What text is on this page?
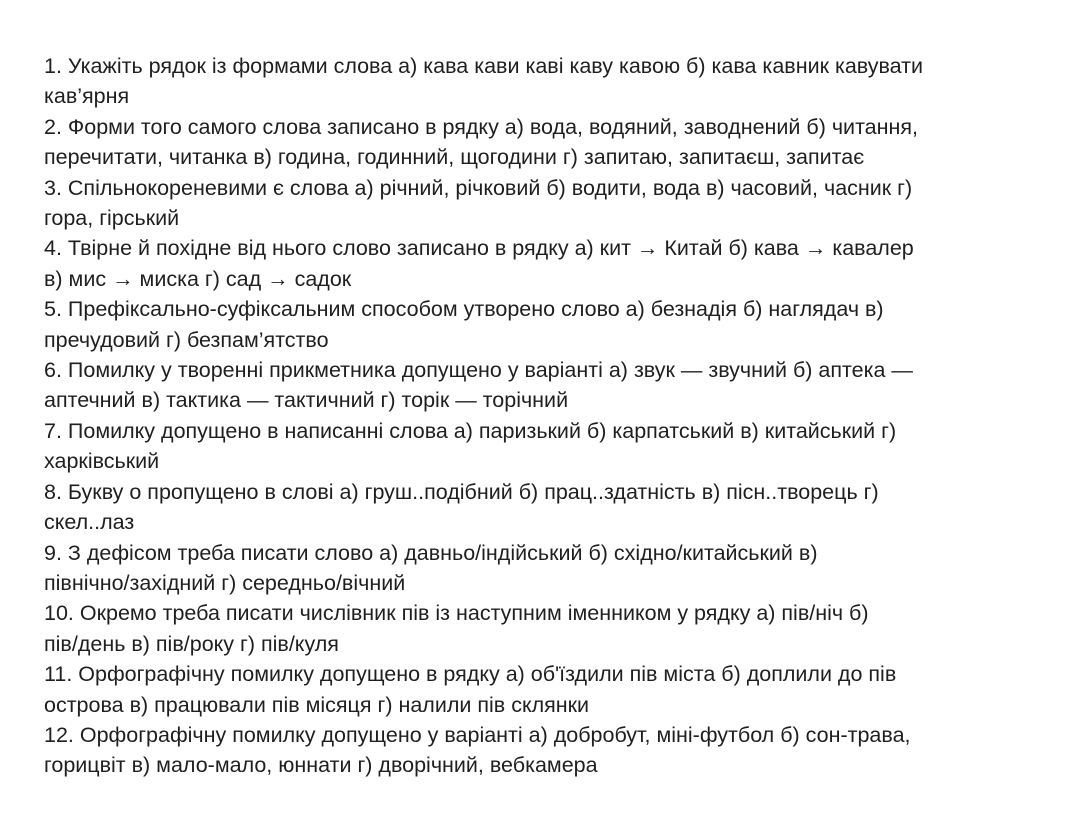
1. Укажіть рядок із формами слова а) кава кави каві каву кавою б) кава кавник кавувати
кав’ярня
2. Форми того самого слова записано в рядку а) вода, водяний, заводнений б) читання,
перечитати, читанка в) година, годинний, щогодини г) запитаю, запитаєш, запитає
3. Спільнокореневими є слова а) річний, річковий б) водити, вода в) часовий, часник г)
гора, гірський
4. Твірне й похідне від нього слово записано в рядку а) кит → Китай б) кава → кавалер
в) мис → миска г) сад → садок
5. Префіксально-суфіксальним способом утворено слово а) безнадія б) наглядач в)
пречудовий г) безпам’ятство
6. Помилку у творенні прикметника допущено у варіанті а) звук — звучний б) аптека —
аптечний в) тактика — тактичний г) торік — торічний
7. Помилку допущено в написанні слова а) паризький б) карпатський в) китайський г)
харківський
8. Букву о пропущено в слові а) груш..подібний б) прац..здатність в) пісн..творець г)
скел..лаз
9. З дефісом треба писати слово а) давньо/індійський б) східно/китайський в)
північно/західний г) середньо/вічний
10. Окремо треба писати числівник пів із наступним іменником у рядку а) пів/ніч б)
пів/день в) пів/року г) пів/куля
11. Орфографічну помилку допущено в рядку а) об'їздили пів міста б) доплили до пів
острова в) працювали пів місяця г) налили пів склянки
12. Орфографічну помилку допущено у варіанті а) добробут, міні-футбол б) сон-трава,
горицвіт в) мало-мало, юннати г) дворічний, вебкамера
